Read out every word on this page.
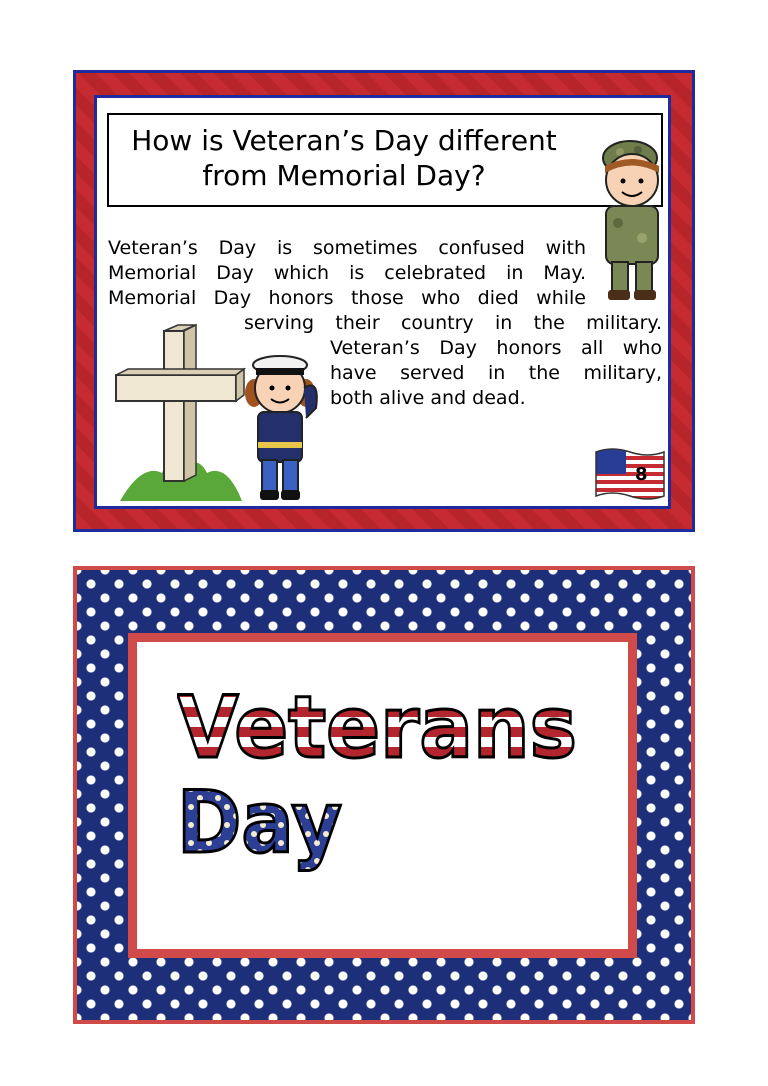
How is Veteran’s Day different
from Memorial Day?
Veteran’s Day is sometimes confused with
Memorial Day which is celebrated in May.
Memorial Day honors those who died while
serving their country in the military.
Veteran’s Day honors all who
have served in the military,
both alive and dead.
8
Veterans
Day
